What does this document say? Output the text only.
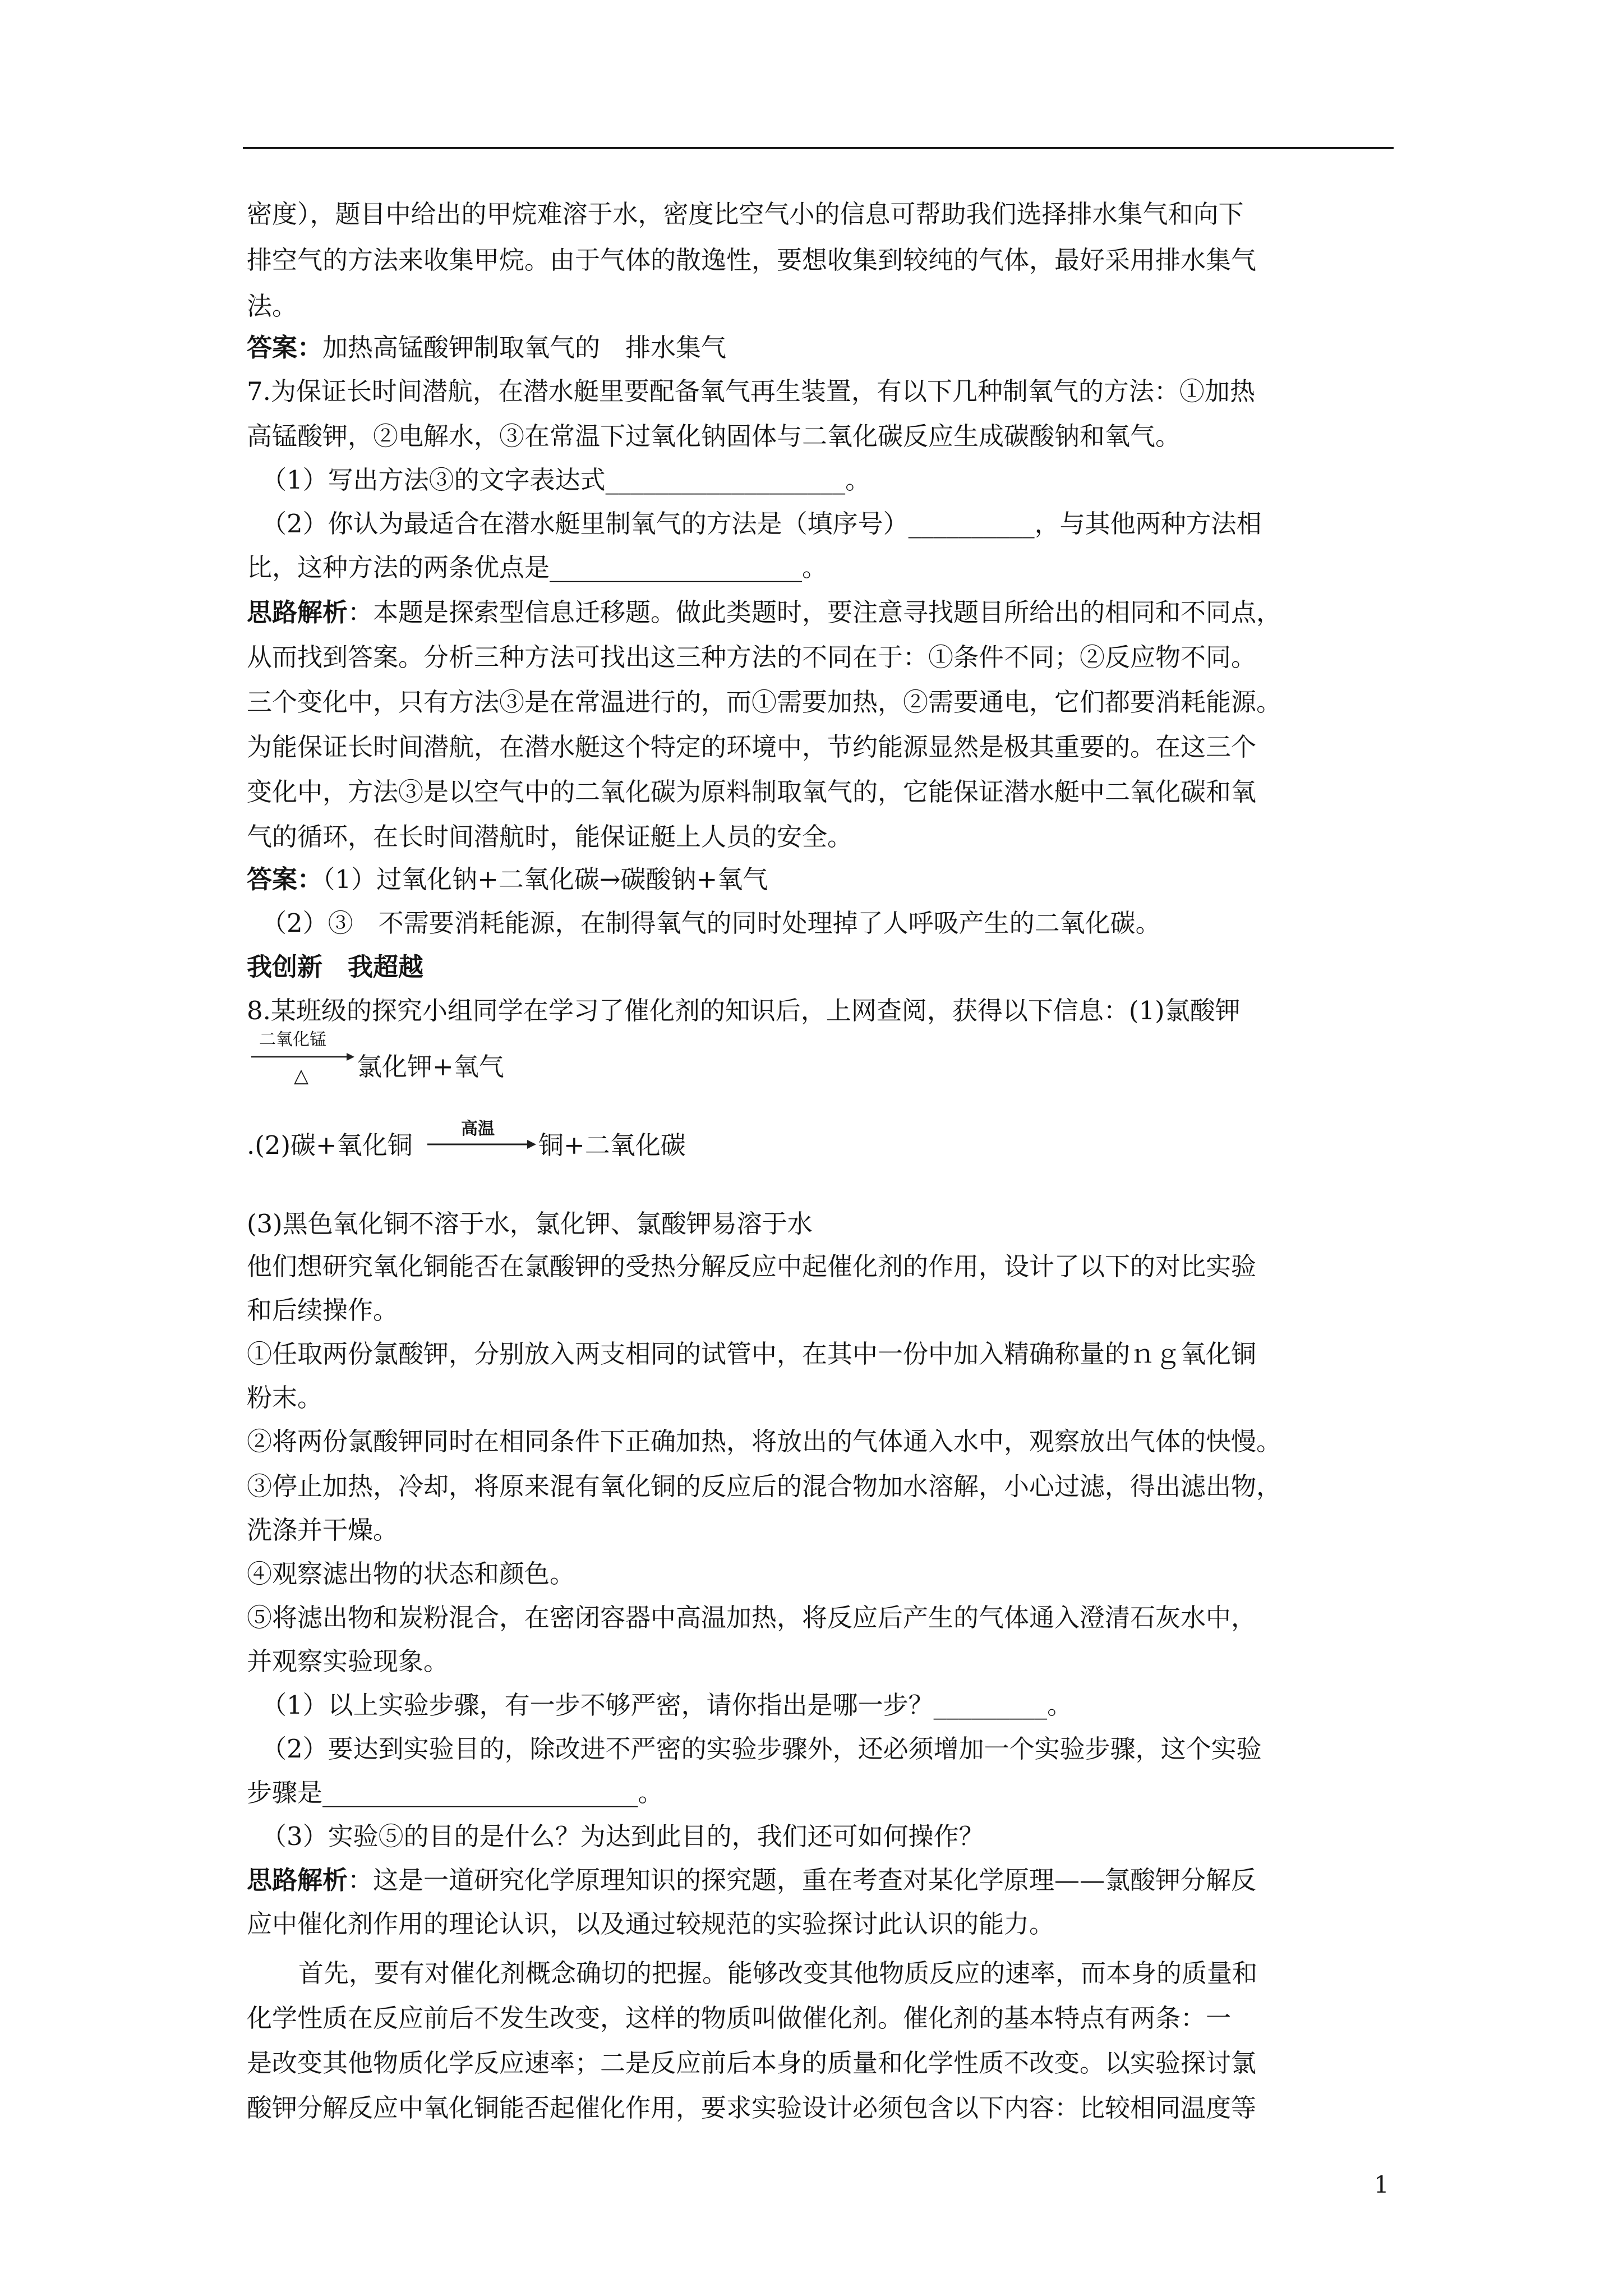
密度），题目中给出的甲烷难溶于水，密度比空气小的信息可帮助我们选择排水集气和向下
排空气的方法来收集甲烷。由于气体的散逸性，要想收集到较纯的气体，最好采用排水集气
法。
答案：加热高锰酸钾制取氧气的　排水集气
7.为保证长时间潜航，在潜水艇里要配备氧气再生装置，有以下几种制氧气的方法：①加热
高锰酸钾，②电解水，③在常温下过氧化钠固体与二氧化碳反应生成碳酸钠和氧气。
（1）写出方法③的文字表达式___________________。
（2）你认为最适合在潜水艇里制氧气的方法是（填序号）__________，与其他两种方法相
比，这种方法的两条优点是____________________。
思路解析：本题是探索型信息迁移题。做此类题时，要注意寻找题目所给出的相同和不同点，
从而找到答案。分析三种方法可找出这三种方法的不同在于：①条件不同；②反应物不同。
三个变化中，只有方法③是在常温进行的，而①需要加热，②需要通电，它们都要消耗能源。
为能保证长时间潜航，在潜水艇这个特定的环境中，节约能源显然是极其重要的。在这三个
变化中，方法③是以空气中的二氧化碳为原料制取氧气的，它能保证潜水艇中二氧化碳和氧
气的循环，在长时间潜航时，能保证艇上人员的安全。
答案：（1）过氧化钠+二氧化碳→碳酸钠+氧气
（2）③　不需要消耗能源，在制得氧气的同时处理掉了人呼吸产生的二氧化碳。
我创新　我超越
8.某班级的探究小组同学在学习了催化剂的知识后，上网查阅，获得以下信息：(1)氯酸钾
二氧化锰
△ 氯化钾+氧气
.(2)碳+氧化铜
高温
铜+二氧化碳
(3)黑色氧化铜不溶于水，氯化钾、氯酸钾易溶于水
他们想研究氧化铜能否在氯酸钾的受热分解反应中起催化剂的作用，设计了以下的对比实验
和后续操作。
①任取两份氯酸钾，分别放入两支相同的试管中，在其中一份中加入精确称量的ｎｇ氧化铜
粉末。
②将两份氯酸钾同时在相同条件下正确加热，将放出的气体通入水中，观察放出气体的快慢。
③停止加热，冷却，将原来混有氧化铜的反应后的混合物加水溶解，小心过滤，得出滤出物，
洗涤并干燥。
④观察滤出物的状态和颜色。
⑤将滤出物和炭粉混合，在密闭容器中高温加热，将反应后产生的气体通入澄清石灰水中，
并观察实验现象。
（1）以上实验步骤，有一步不够严密，请你指出是哪一步？_________。
（2）要达到实验目的，除改进不严密的实验步骤外，还必须增加一个实验步骤，这个实验
步骤是_________________________。
（3）实验⑤的目的是什么？为达到此目的，我们还可如何操作？
思路解析：这是一道研究化学原理知识的探究题，重在考查对某化学原理——氯酸钾分解反
应中催化剂作用的理论认识，以及通过较规范的实验探讨此认识的能力。
首先，要有对催化剂概念确切的把握。能够改变其他物质反应的速率，而本身的质量和
化学性质在反应前后不发生改变，这样的物质叫做催化剂。催化剂的基本特点有两条：一
是改变其他物质化学反应速率；二是反应前后本身的质量和化学性质不改变。以实验探讨氯
酸钾分解反应中氧化铜能否起催化作用，要求实验设计必须包含以下内容：比较相同温度等
1
